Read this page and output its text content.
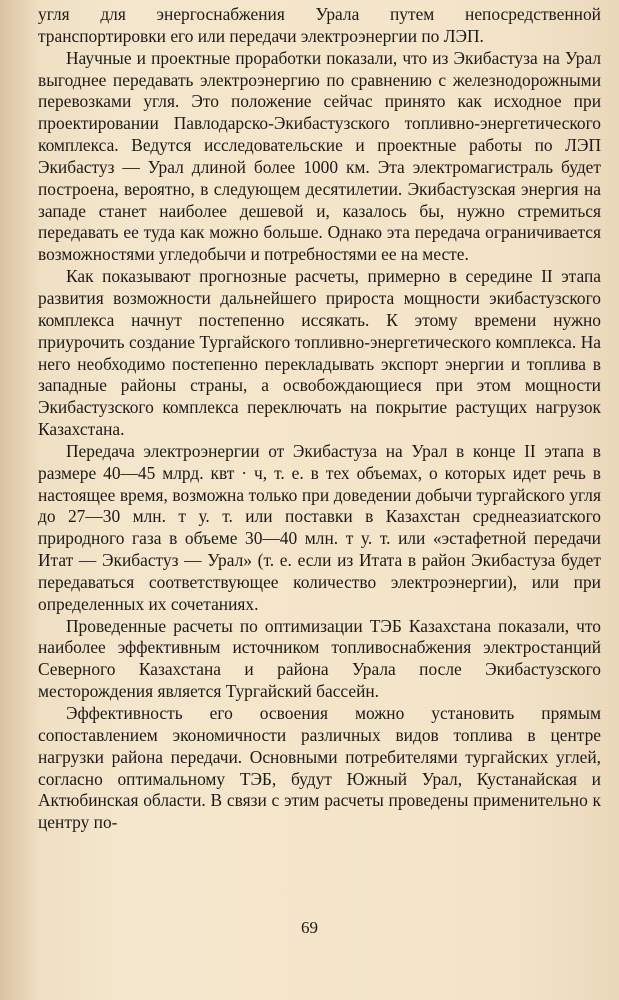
угля для энергоснабжения Урала путем непосредственной транспортировки его или передачи электроэнергии по ЛЭП.

Научные и проектные проработки показали, что из Экибастуза на Урал выгоднее передавать электроэнергию по сравнению с железнодорожными перевозками угля. Это положение сейчас принято как исходное при проектировании Павлодарско-Экибастузского топливно-энергетического комплекса. Ведутся исследовательские и проектные работы по ЛЭП Экибастуз — Урал длиной более 1000 км. Эта электромагистраль будет построена, вероятно, в следующем десятилетии. Экибастузская энергия на западе станет наиболее дешевой и, казалось бы, нужно стремиться передавать ее туда как можно больше. Однако эта передача ограничивается возможностями угледобычи и потребностями ее на месте.

Как показывают прогнозные расчеты, примерно в середине II этапа развития возможности дальнейшего прироста мощности экибастузского комплекса начнут постепенно иссякать. К этому времени нужно приурочить создание Тургайского топливно-энергетического комплекса. На него необходимо постепенно перекладывать экспорт энергии и топлива в западные районы страны, а освобождающиеся при этом мощности Экибастузского комплекса переключать на покрытие растущих нагрузок Казахстана.

Передача электроэнергии от Экибастуза на Урал в конце II этапа в размере 40—45 млрд. квт · ч, т. е. в тех объемах, о которых идет речь в настоящее время, возможна только при доведении добычи тургайского угля до 27—30 млн. т у. т. или поставки в Казахстан среднеазиатского природного газа в объеме 30—40 млн. т у. т. или «эстафетной передачи Итат — Экибастуз — Урал» (т. е. если из Итата в район Экибастуза будет передаваться соответствующее количество электроэнергии), или при определенных их сочетаниях.

Проведенные расчеты по оптимизации ТЭБ Казахстана показали, что наиболее эффективным источником топливоснабжения электростанций Северного Казахстана и района Урала после Экибастузского месторождения является Тургайский бассейн.

Эффективность его освоения можно установить прямым сопоставлением экономичности различных видов топлива в центре нагрузки района передачи. Основными потребителями тургайских углей, согласно оптимальному ТЭБ, будут Южный Урал, Кустанайская и Актюбинская области. В связи с этим расчеты проведены применительно к центру по-

69
